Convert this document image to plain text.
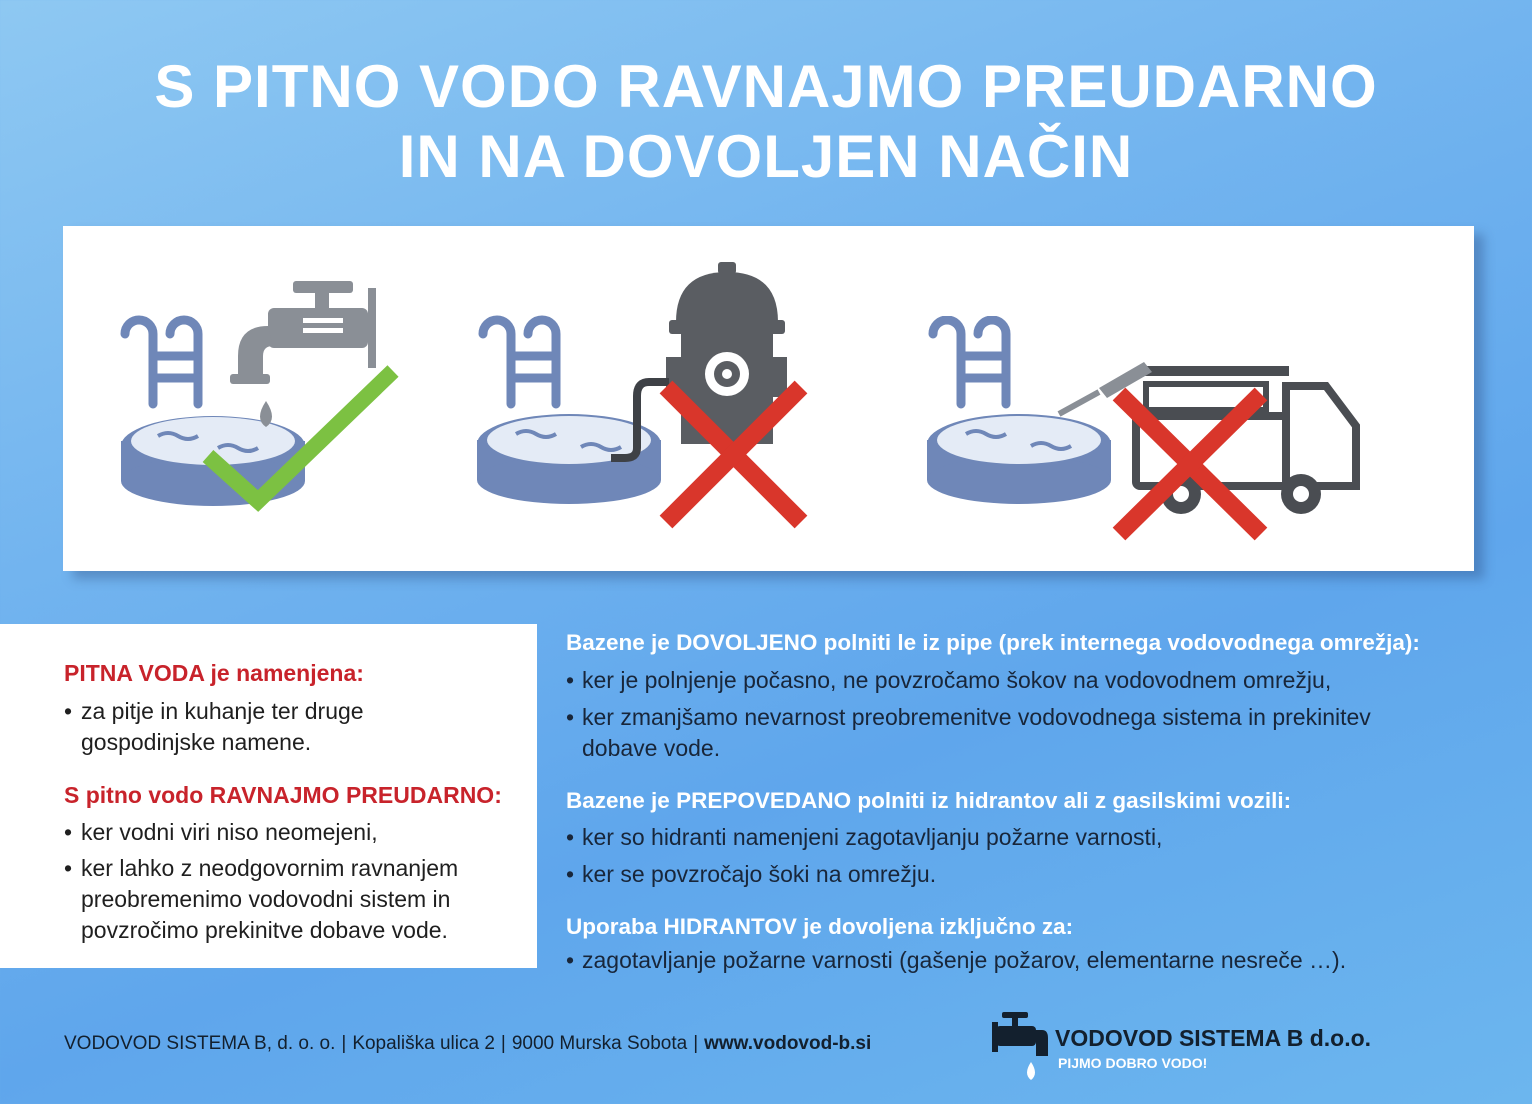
S PITNO VODO RAVNAJMO PREUDARNO
IN NA DOVOLJEN NAČIN
PITNA VODA je namenjena:
• za pitje in kuhanje ter druge
gospodinjske namene.
S pitno vodo RAVNAJMO PREUDARNO:
• ker vodni viri niso neomejeni,
• ker lahko z neodgovornim ravnanjem
preobremenimo vodovodni sistem in
povzročimo prekinitve dobave vode.
Bazene je DOVOLJENO polniti le iz pipe (prek internega vodovodnega omrežja):
• ker je polnjenje počasno, ne povzročamo šokov na vodovodnem omrežju,
• ker zmanjšamo nevarnost preobremenitve vodovodnega sistema in prekinitev
dobave vode.
Bazene je PREPOVEDANO polniti iz hidrantov ali z gasilskimi vozili:
• ker so hidranti namenjeni zagotavljanju požarne varnosti,
• ker se povzročajo šoki na omrežju.
Uporaba HIDRANTOV je dovoljena izključno za:
• zagotavljanje požarne varnosti (gašenje požarov, elementarne nesreče …).
VODOVOD SISTEMA B, d. o. o. | Kopališka ulica 2 | 9000 Murska Sobota | www.vodovod-b.si	VODOVOD SISTEMA B d.o.o.
PIJMO DOBRO VODO!
